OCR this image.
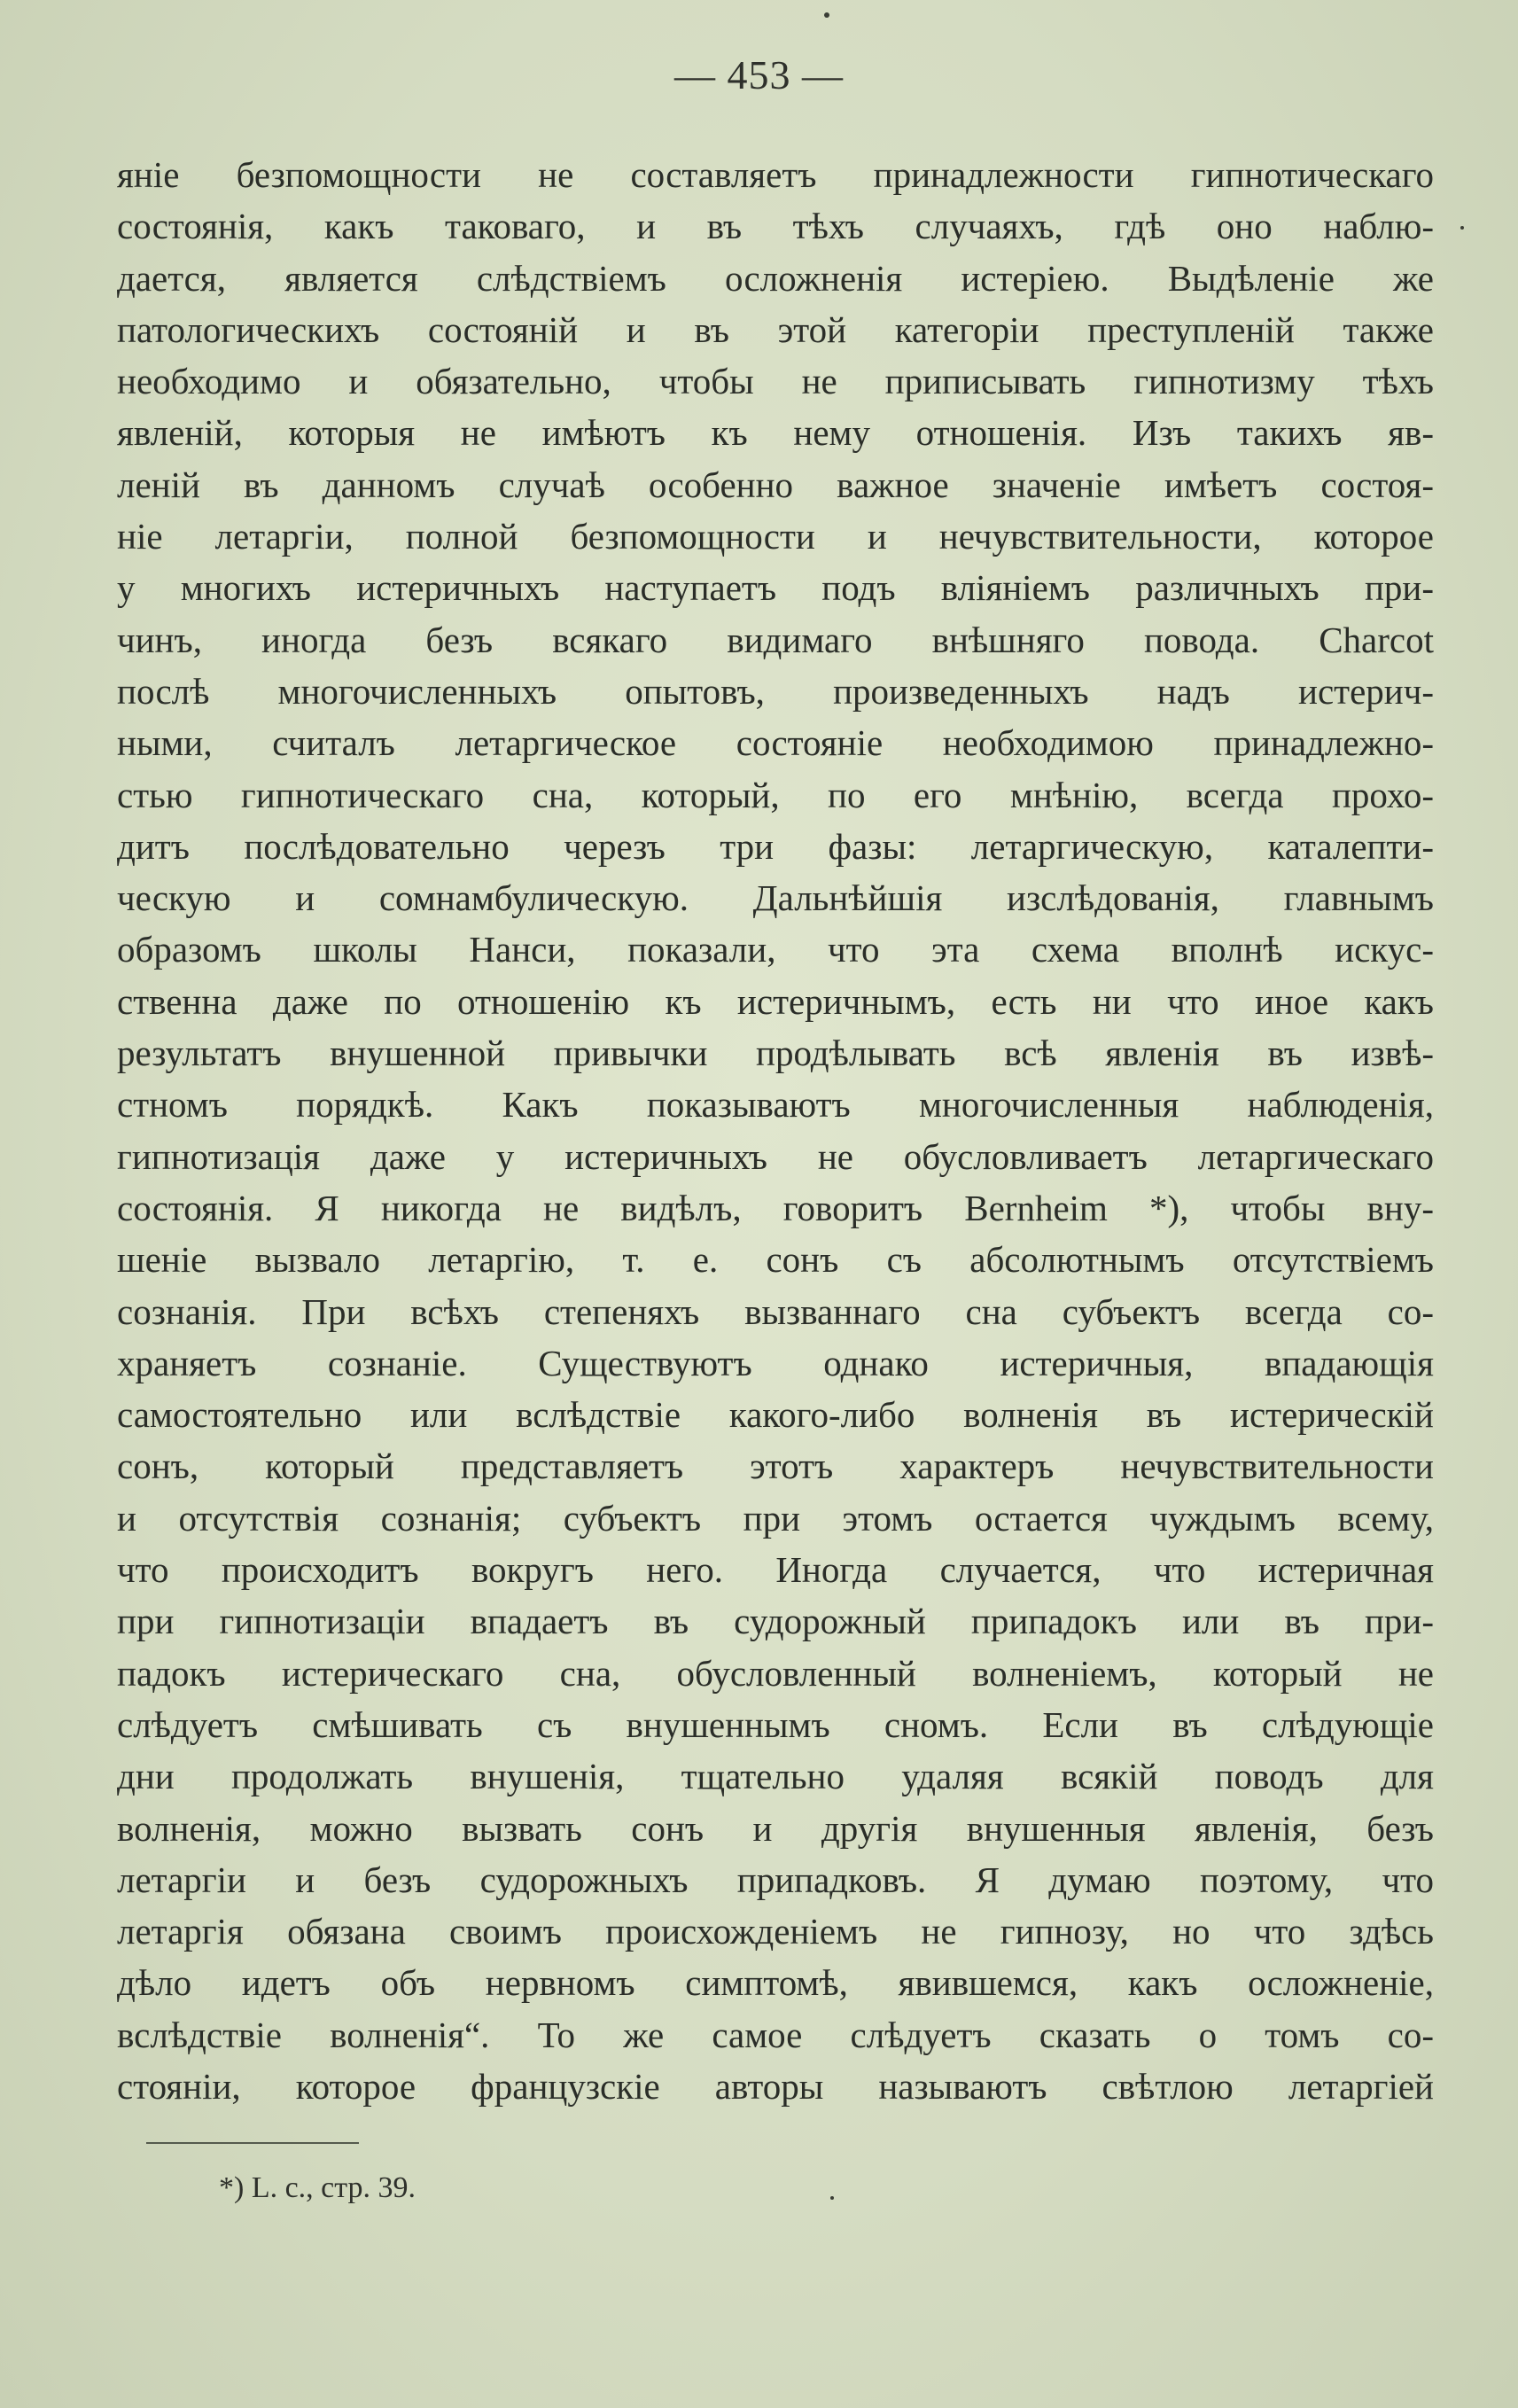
— 453 —
яніе безпомощности не составляетъ принадлежности гипнотическаго
состоянія, какъ таковаго, и въ тѣхъ случаяхъ, гдѣ оно наблю-
дается, является слѣдствіемъ осложненія истеріею. Выдѣленіе же
патологическихъ состояній и въ этой категоріи преступленій также
необходимо и обязательно, чтобы не приписывать гипнотизму тѣхъ
явленій, которыя не имѣютъ къ нему отношенія. Изъ такихъ яв-
леній въ данномъ случаѣ особенно важное значеніе имѣетъ состоя-
ніе летаргіи, полной безпомощности и нечувствительности, которое
у многихъ истеричныхъ наступаетъ подъ вліяніемъ различныхъ при-
чинъ, иногда безъ всякаго видимаго внѣшняго повода. Charcot
послѣ многочисленныхъ опытовъ, произведенныхъ надъ истерич-
ными, считалъ летаргическое состояніе необходимою принадлежно-
стью гипнотическаго сна, который, по его мнѣнію, всегда прохо-
дитъ послѣдовательно черезъ три фазы: летаргическую, каталепти-
ческую и сомнамбулическую. Дальнѣйшія изслѣдованія, главнымъ
образомъ школы Нанси, показали, что эта схема вполнѣ искус-
ственна даже по отношенію къ истеричнымъ, есть ни что иное какъ
результатъ внушенной привычки продѣлывать всѣ явленія въ извѣ-
стномъ порядкѣ. Какъ показываютъ многочисленныя наблюденія,
гипнотизація даже у истеричныхъ не обусловливаетъ летаргическаго
состоянія. Я никогда не видѣлъ, говоритъ Bernheim *), чтобы вну-
шеніе вызвало летаргію, т. е. сонъ съ абсолютнымъ отсутствіемъ
сознанія. При всѣхъ степеняхъ вызваннаго сна субъектъ всегда со-
храняетъ сознаніе. Существуютъ однако истеричныя, впадающія
самостоятельно или вслѣдствіе какого-либо волненія въ истерическій
сонъ, который представляетъ этотъ характеръ нечувствительности
и отсутствія сознанія; субъектъ при этомъ остается чуждымъ всему,
что происходитъ вокругъ него. Иногда случается, что истеричная
при гипнотизаціи впадаетъ въ судорожный припадокъ или въ при-
падокъ истерическаго сна, обусловленный волненіемъ, который не
слѣдуетъ смѣшивать съ внушеннымъ сномъ. Если въ слѣдующіе
дни продолжать внушенія, тщательно удаляя всякій поводъ для
волненія, можно вызвать сонъ и другія внушенныя явленія, безъ
летаргіи и безъ судорожныхъ припадковъ. Я думаю поэтому, что
летаргія обязана своимъ происхожденіемъ не гипнозу, но что здѣсь
дѣло идетъ объ нервномъ симптомѣ, явившемся, какъ осложненіе,
вслѣдствіе волненія“. То же самое слѣдуетъ сказать о томъ со-
стояніи, которое французскіе авторы называютъ свѣтлою летаргіей
*) L. c., стр. 39.
